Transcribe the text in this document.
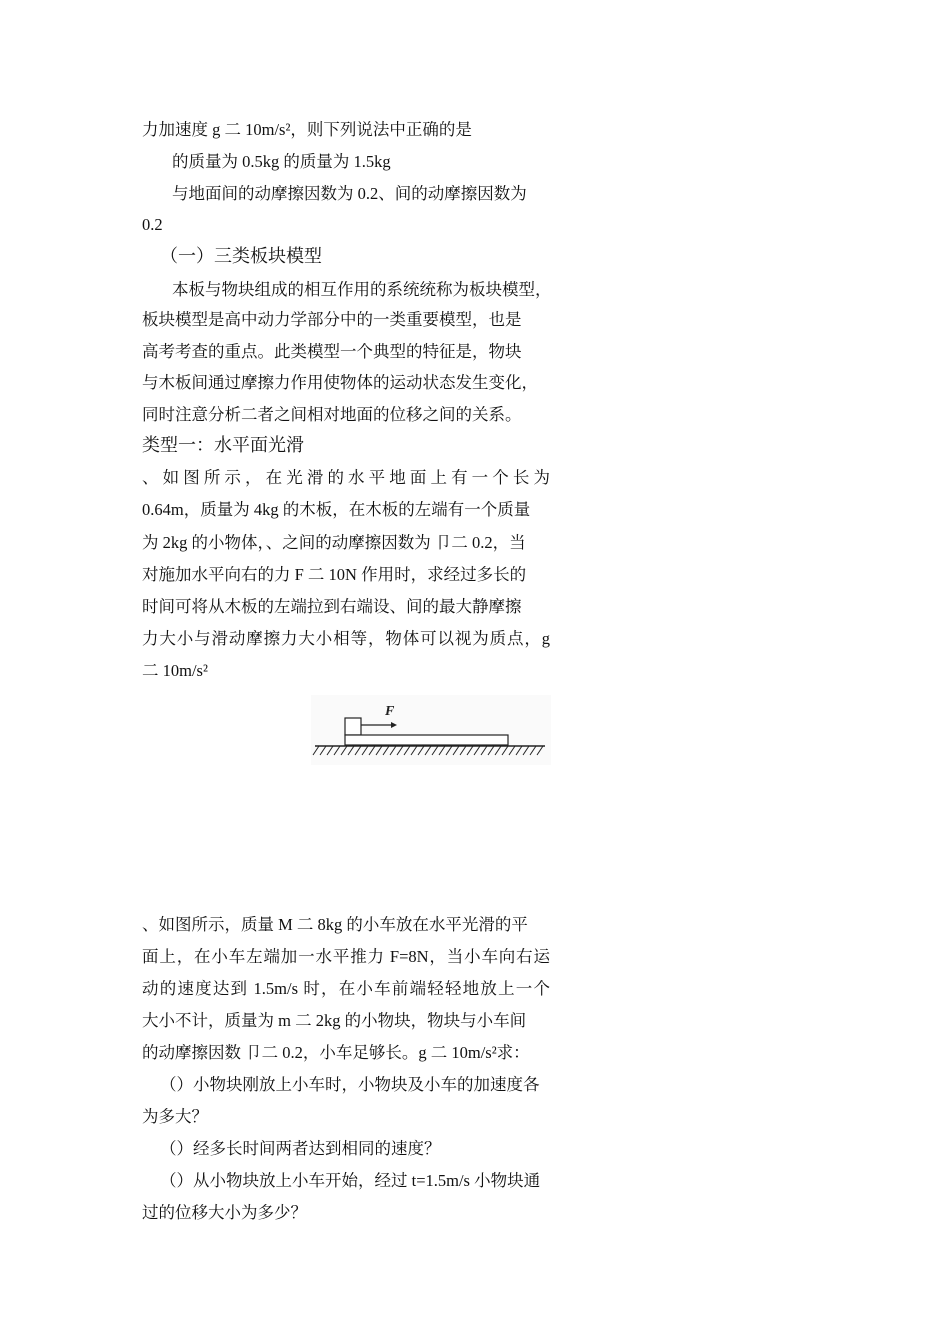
力加速度 g 二 10m/s²，则下列说法中正确的是
的质量为 0.5kg 的质量为 1.5kg
与地面间的动摩擦因数为 0.2、间的动摩擦因数为
0.2
（一）三类板块模型
本板与物块组成的相互作用的系统统称为板块模型，
板块模型是高中动力学部分中的一类重要模型，也是
高考考查的重点。此类模型一个典型的特征是，物块
与木板间通过摩擦力作用使物体的运动状态发生变化，
同时注意分析二者之间相对地面的位移之间的关系。
类型一：水平面光滑
、如图所示，在光滑的水平地面上有一个长为
0.64m，质量为 4kg 的木板，在木板的左端有一个质量
为 2kg 的小物体，、之间的动摩擦因数为 卩二 0.2，当
对施加水平向右的力 F 二 10N 作用时，求经过多长的
时间可将从木板的左端拉到右端设、间的最大静摩擦
力大小与滑动摩擦力大小相等，物体可以视为质点，g
二 10m/s²
F
、如图所示，质量 M 二 8kg 的小车放在水平光滑的平
面上，在小车左端加一水平推力 F=8N，当小车向右运
动的速度达到 1.5m/s 时，在小车前端轻轻地放上一个
大小不计，质量为 m 二 2kg 的小物块，物块与小车间
的动摩擦因数 卩二 0.2，小车足够长。g 二 10m/s²求：
（）小物块刚放上小车时，小物块及小车的加速度各
为多大？
（）经多长时间两者达到相同的速度？
（）从小物块放上小车开始，经过 t=1.5m/s 小物块通
过的位移大小为多少？
